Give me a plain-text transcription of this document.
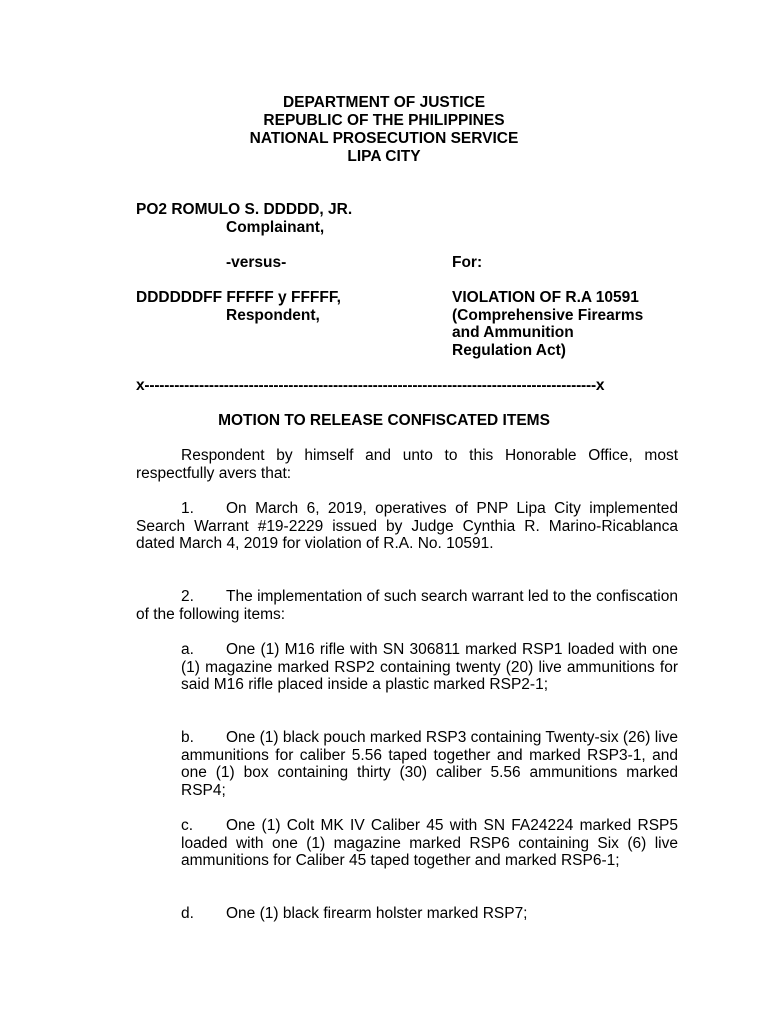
DEPARTMENT OF JUSTICE
REPUBLIC OF THE PHILIPPINES
NATIONAL PROSECUTION SERVICE
LIPA CITY
PO2 ROMULO S. DDDDD, JR.
Complainant,
-versus-	For:
DDDDDDFF FFFFF y FFFFF,
Respondent,
VIOLATION OF R.A 10591
(Comprehensive Firearms
and Ammunition
Regulation Act)
x-------------------------------------------------------------------------------------------x
MOTION TO RELEASE CONFISCATED ITEMS
Respondent by himself and unto to this Honorable Office, most respectfully avers that:
1. On March 6, 2019, operatives of PNP Lipa City implemented Search Warrant #19-2229 issued by Judge Cynthia R. Marino-Ricablanca dated March 4, 2019 for violation of R.A. No. 10591.
2. The implementation of such search warrant led to the confiscation of the following items:
a. One (1) M16 rifle with SN 306811 marked RSP1 loaded with one (1) magazine marked RSP2 containing twenty (20) live ammunitions for said M16 rifle placed inside a plastic marked RSP2-1;
b. One (1) black pouch marked RSP3 containing Twenty-six (26) live ammunitions for caliber 5.56 taped together and marked RSP3-1, and one (1) box containing thirty (30) caliber 5.56 ammunitions marked RSP4;
c. One (1) Colt MK IV Caliber 45 with SN FA24224 marked RSP5 loaded with one (1) magazine marked RSP6 containing Six (6) live ammunitions for Caliber 45 taped together and marked RSP6-1;
d. One (1) black firearm holster marked RSP7;
